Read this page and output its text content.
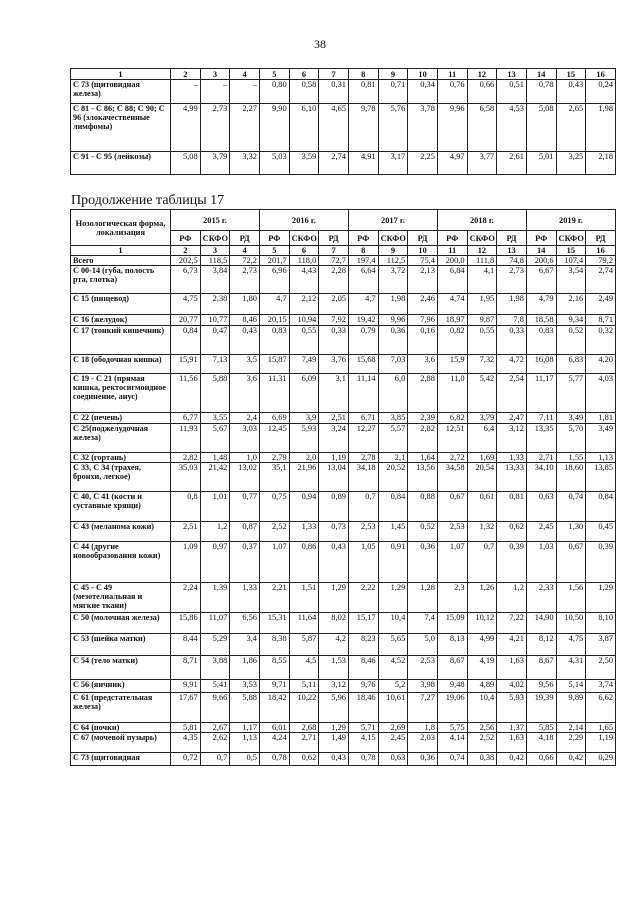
38
1	2	3	4	5	6	7	8	9	10	11	12	13	14	15	16
С 73 (щитовидная железа)	–	–	–	0,80	0,58	0,31	0,81	0,71	0,34	0,76	0,66	0,51	0,78	0,43	0,24
С 81 - С 86; С 88; С 90; С 96 (злокачественные лимфомы)	4,99	2,73	2,27	9,90	6,10	4,65	9,78	5,76	3,78	9,96	6,58	4,53	5,08	2,65	1,98
С 91 - С 95 (лейкозы)	5,08	3,79	3,32	5,03	3,59	2,74	4,91	3,17	2,25	4,97	3,77	2,61	5,01	3,25	2,18
Продолжение таблицы 17
Нозологическая форма, локализация	2015 г.			2016 г.			2017 г.			2018 г.			2019 г.		
	РФ	СКФО	РД	РФ	СКФО	РД	РФ	СКФО	РД	РФ	СКФО	РД	РФ	СКФО	РД
1	2	3	4	5	6	7	8	9	10	11	12	13	14	15	16
Всего	202,5	118,5	72,2	201,7	118,0	72,7	197,4	112,5	75,4	200,0	111,8	74,8	200,6	107,4	79,2
С 00-14 (губа, полость рта, глотка)	6,73	3,84	2,73	6,96	4,43	2,28	6,64	3,72	2,13	6,84	4,1	2,73	6,67	3,54	2,74
С 15 (пищевод)	4,75	2,38	1,80	4,7	2,12	2,05	4,7	1,98	2,46	4,74	1,95	1,98	4,79	2,16	2,49
С 16 (желудок)	20,77	10,77	8,46	20,15	10,94	7,92	19,42	9,96	7,96	18,97	9,87	7,8	18,58	9,34	8,71
С 17 (тонкий кишечник)	0,84	0,47	0,43	0,83	0,55	0,33	0,79	0,36	0,16	0,82	0,55	0,33	0,83	0,52	0,32
С 18 (ободочная кишка)	15,91	7,13	3,5	15,87	7,49	3,76	15,68	7,03	3,6	15,9	7,32	4,72	16,08	6,83	4,20
С 19 - С 21 (прямая кишка, ректосигмоидное соединение, анус)	11,56	5,88	3,6	11,31	6,09	3,1	11,14	6,0	2,88	11,0	5,42	2,54	11,17	5,77	4,03
С 22 (печень)	6,77	3,55	2,4	6,69	3,9	2,51	6,71	3,85	2,39	6,82	3,79	2,47	7,11	3,49	1,81
С 25(поджелудочная железа)	11,93	5,67	3,03	12,45	5,93	3,24	12,27	5,57	2,82	12,51	6,4	3,12	13,35	5,70	3,49
С 32 (гортань)	2,82	1,48	1,0	2,79	2,0	1,19	2,78	2,1	1,64	2,72	1,69	1,33	2,71	1,55	1,13
С 33, С 34 (трахея, бронхи, легкое)	35,03	21,42	13,02	35,1	21,96	13,04	34,18	20,52	13,56	34,58	20,54	13,33	34,10	18,60	13,85
С 40, С 41 (кости и суставные хрящи)	0,8	1,01	0,77	0,75	0,94	0,89	0,7	0,84	0,88	0,67	0,61	0,81	0,63	0,74	0,84
С 43 (меланома кожи)	2,51	1,2	0,87	2,52	1,33	0,73	2,53	1,45	0,52	2,53	1,32	0,62	2,45	1,30	0,45
С 44 (другие новообразования кожи)	1,09	0,97	0,37	1,07	0,86	0,43	1,05	0,91	0,36	1,07	0,7	0,39	1,03	0,67	0,39
С 45 - С 49 (мезотелиальная и мягкие ткани)	2,24	1,39	1,33	2,21	1,51	1,29	2,22	1,29	1,28	2,3	1,26	1,2	2,33	1,56	1,29
С 50 (молочная железа)	15,86	11,07	6,56	15,31	11,64	8,02	15,17	10,4	7,4	15,09	10,12	7,22	14,90	10,50	8,10
С 53 (шейка матки)	8,44	5,29	3,4	8,38	5,87	4,2	8,23	5,65	5,0	8,13	4,99	4,21	8,12	4,75	3,87
С 54 (тело матки)	8,71	3,88	1,86	8,55	4,5	1,53	8,46	4,52	2,53	8,67	4,19	1,63	8,67	4,31	2,50
С 56 (яичник)	9,91	5,41	3,53	9,71	5,11	3,12	9,76	5,2	3,98	9,48	4,89	4,02	9,56	5,14	3,74
С 61 (предстательная железа)	17,67	9,66	5,88	18,42	10,22	5,96	18,46	10,61	7,27	19,06	10,4	5,93	19,39	9,89	6,62
С 64 (почки)	5,81	2,67	1,17	6,01	2,68	1,29	5,71	2,69	1,8	5,75	2,56	1,37	5,85	2,14	1,65
С 67 (мочевой пузырь)	4,35	2,62	1,13	4,24	2,71	1,49	4,15	2,45	2,03	4,14	2,52	1,63	4,18	2,29	1,19
С 73 (щитовидная	0,72	0,7	0,5	0,78	0,62	0,43	0,78	0,63	0,36	0,74	0,38	0,42	0,66	0,42	0,29
